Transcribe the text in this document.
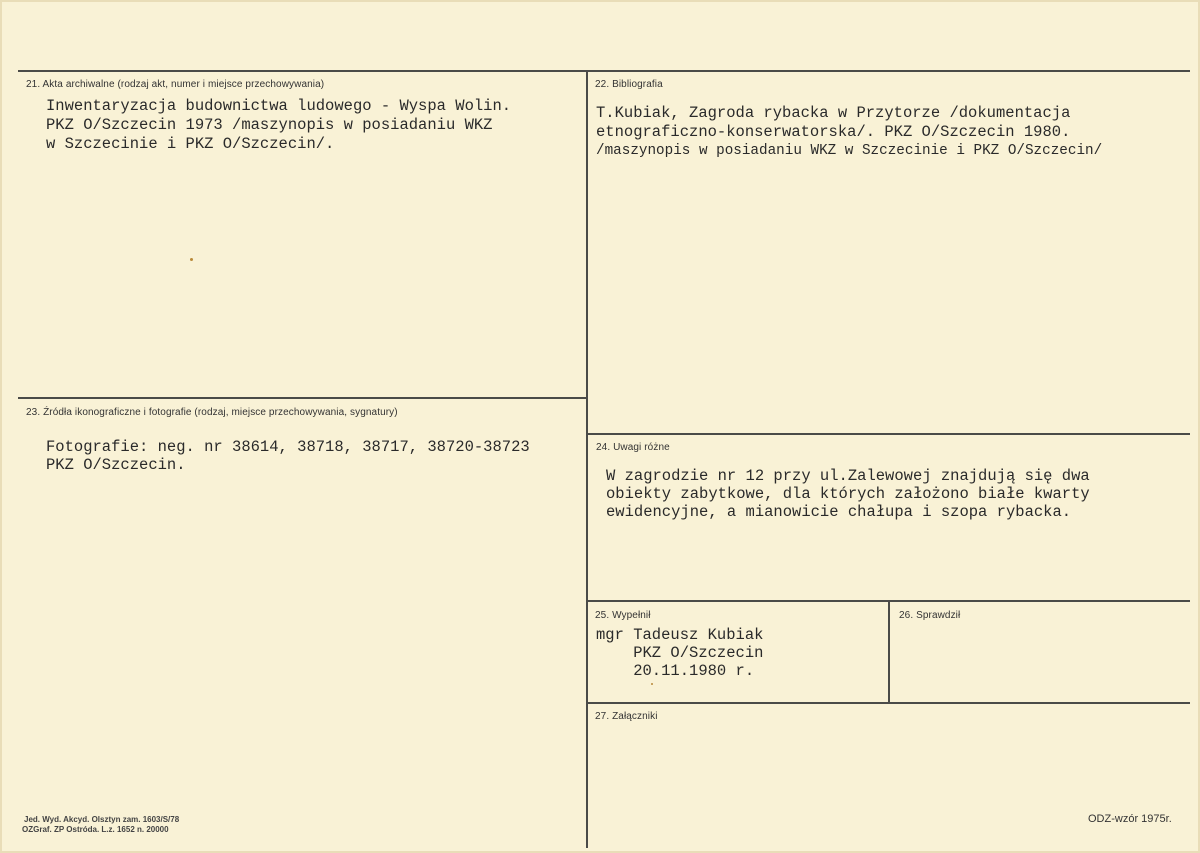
21. Akta archiwalne (rodzaj akt, numer i miejsce przechowywania)
Inwentaryzacja budownictwa ludowego - Wyspa Wolin.
PKZ O/Szczecin 1973 /maszynopis w posiadaniu WKZ
w Szczecinie i PKZ O/Szczecin/.
22. Bibliografia
T.Kubiak, Zagroda rybacka w Przytorze /dokumentacja
etnograficzno-konserwatorska/. PKZ O/Szczecin 1980.
/maszynopis w posiadaniu WKZ w Szczecinie i PKZ O/Szczecin/
23. Źródła ikonograficzne i fotografie (rodzaj, miejsce przechowywania, sygnatury)
Fotografie: neg. nr 38614, 38718, 38717, 38720-38723
PKZ O/Szczecin.
24. Uwagi różne
W zagrodzie nr 12 przy ul.Zalewowej znajdują się dwa
obiekty zabytkowe, dla których założono białe kwarty
ewidencyjne, a mianowicie chałupa i szopa rybacka.
25. Wypełnił
mgr Tadeusz Kubiak
PKZ O/Szczecin
20.11.1980 r.
26. Sprawdził
27. Załączniki
Jed. Wyd. Akcyd. Olsztyn zam. 1603/S/78
OZGraf. ZP Ostróda. L.z. 1652 n. 20000
ODZ-wzór 1975r.
